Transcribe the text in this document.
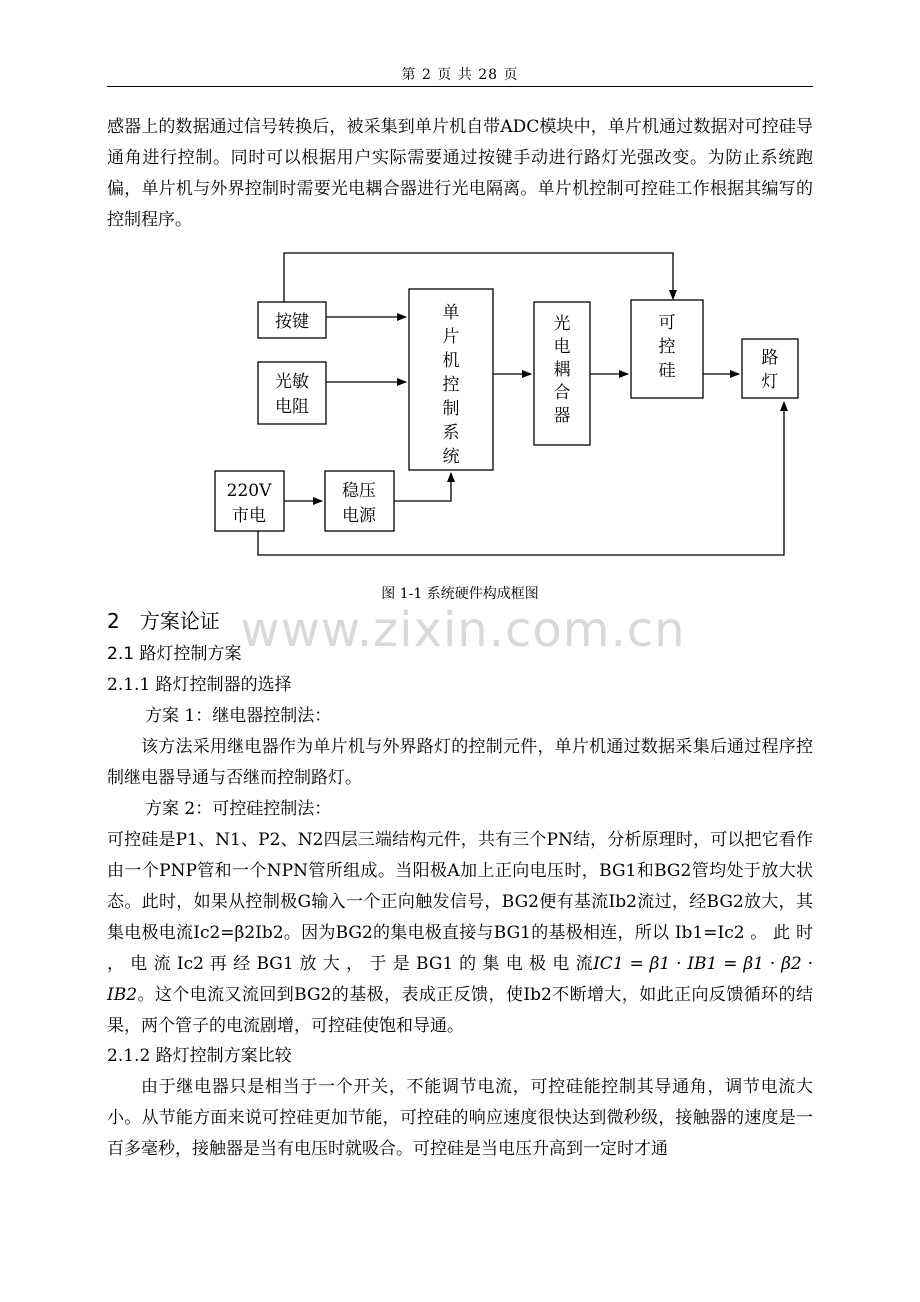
第 2 页 共 28 页

感器上的数据通过信号转换后，被采集到单片机自带ADC模块中，单片机通过数据对可控硅导通角进行控制。同时可以根据用户实际需要通过按键手动进行路灯光强改变。为防止系统跑偏，单片机与外界控制时需要光电耦合器进行光电隔离。单片机控制可控硅工作根据其编写的控制程序。

按键
光敏
电阻
220V
市电
稳压
电源
单
片
机
控
制
系
统
光
电
耦
合
器
可
控
硅
路
灯
图 1-1 系统硬件构成框图
www.zixin.com.cn
2　方案论证
2.1 路灯控制方案
2.1.1 路灯控制器的选择
方案 1：继电器控制法：

该方法采用继电器作为单片机与外界路灯的控制元件，单片机通过数据采集后通过程序控制继电器导通与否继而控制路灯。

方案 2：可控硅控制法：

可控硅是P1、N1、P2、N2四层三端结构元件，共有三个PN结，分析原理时，可以把它看作由一个PNP管和一个NPN管所组成。当阳极A加上正向电压时，BG1和BG2管均处于放大状态。此时，如果从控制极G输入一个正向触发信号，BG2便有基流Ib2流过，经BG2放大，其集电极电流Ic2=β2Ib2。因为BG2的集电极直接与BG1的基极相连，所以 Ib1=Ic2 。 此 时 ， 电 流 Ic2 再 经 BG1 放 大 ， 于 是 BG1 的 集 电 极 电 流IC1 = β1 · IB1 = β1 · β2 · IB2。这个电流又流回到BG2的基极，表成正反馈，使Ib2不断增大，如此正向反馈循环的结果，两个管子的电流剧增，可控硅使饱和导通。

2.1.2 路灯控制方案比较

由于继电器只是相当于一个开关，不能调节电流，可控硅能控制其导通角，调节电流大小。从节能方面来说可控硅更加节能，可控硅的响应速度很快达到微秒级，接触器的速度是一百多毫秒，接触器是当有电压时就吸合。可控硅是当电压升高到一定时才通
